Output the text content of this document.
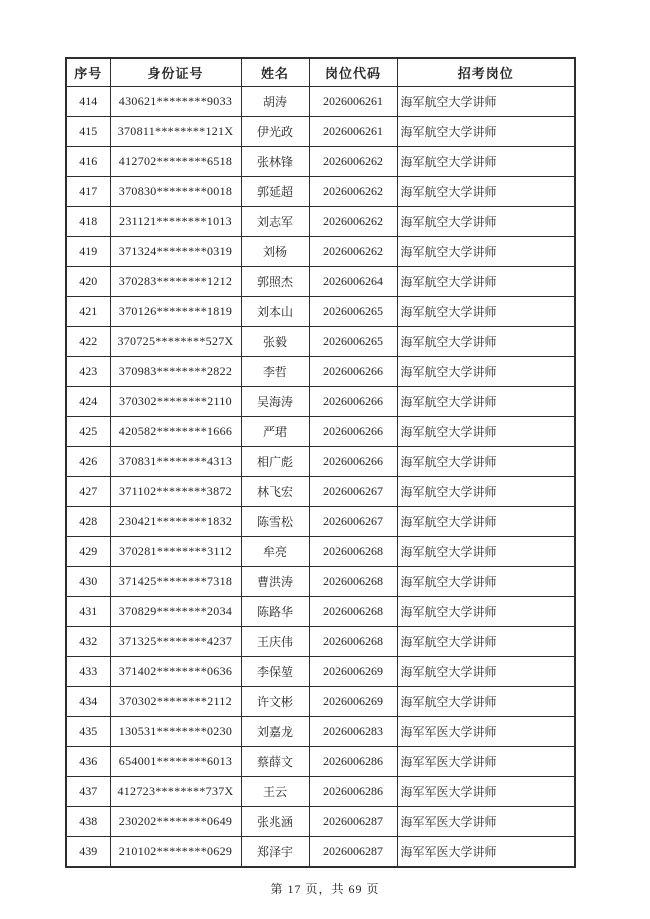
序号	身份证号	姓名	岗位代码	招考岗位
414	430621********9033	胡涛	2026006261	海军航空大学讲师
415	370811********121X	伊光政	2026006261	海军航空大学讲师
416	412702********6518	张林锋	2026006262	海军航空大学讲师
417	370830********0018	郭延超	2026006262	海军航空大学讲师
418	231121********1013	刘志军	2026006262	海军航空大学讲师
419	371324********0319	刘杨	2026006262	海军航空大学讲师
420	370283********1212	郭照杰	2026006264	海军航空大学讲师
421	370126********1819	刘本山	2026006265	海军航空大学讲师
422	370725********527X	张毅	2026006265	海军航空大学讲师
423	370983********2822	李哲	2026006266	海军航空大学讲师
424	370302********2110	吴海涛	2026006266	海军航空大学讲师
425	420582********1666	严珺	2026006266	海军航空大学讲师
426	370831********4313	相广彪	2026006266	海军航空大学讲师
427	371102********3872	林飞宏	2026006267	海军航空大学讲师
428	230421********1832	陈雪松	2026006267	海军航空大学讲师
429	370281********3112	牟亮	2026006268	海军航空大学讲师
430	371425********7318	曹洪涛	2026006268	海军航空大学讲师
431	370829********2034	陈路华	2026006268	海军航空大学讲师
432	371325********4237	王庆伟	2026006268	海军航空大学讲师
433	371402********0636	李保堃	2026006269	海军航空大学讲师
434	370302********2112	许文彬	2026006269	海军航空大学讲师
435	130531********0230	刘嘉龙	2026006283	海军军医大学讲师
436	654001********6013	蔡薛文	2026006286	海军军医大学讲师
437	412723********737X	王云	2026006286	海军军医大学讲师
438	230202********0649	张兆涵	2026006287	海军军医大学讲师
439	210102********0629	郑泽宇	2026006287	海军军医大学讲师
第 17 页，共 69 页
